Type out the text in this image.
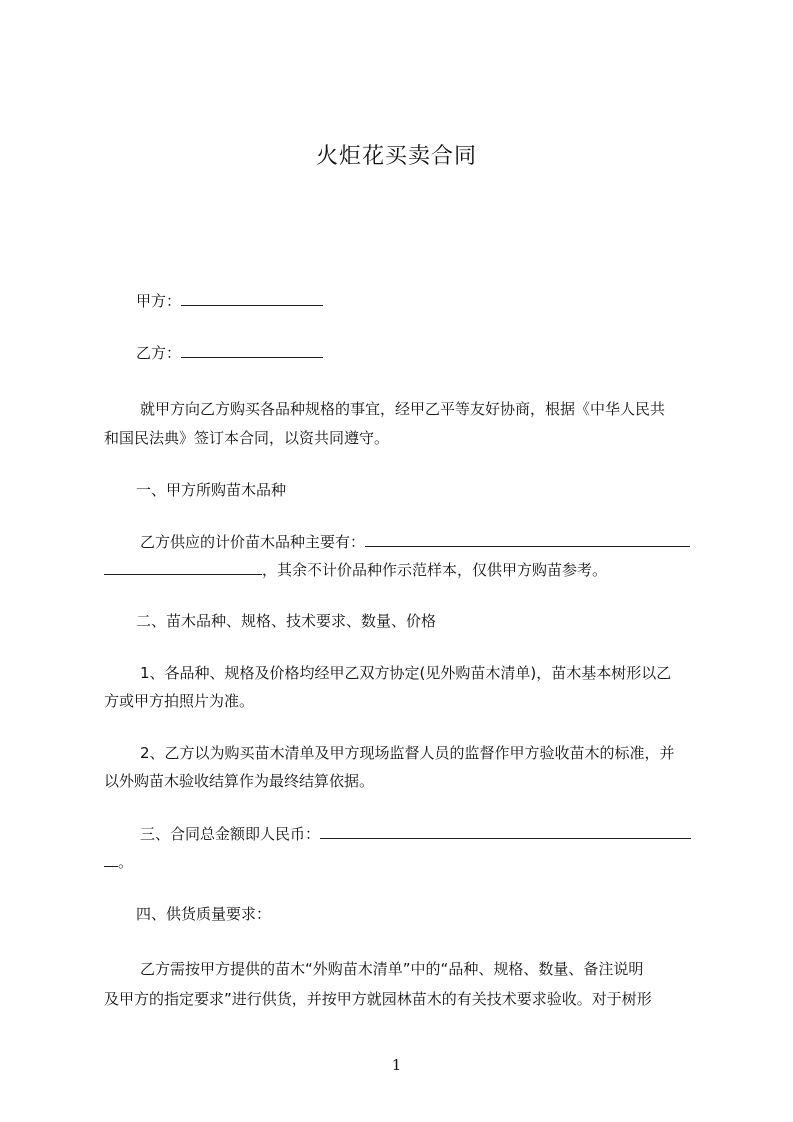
火炬花买卖合同
甲方：
乙方：
就甲方向乙方购买各品种规格的事宜，经甲乙平等友好协商，根据《中华人民共
和国民法典》签订本合同，以资共同遵守。
一、甲方所购苗木品种
乙方供应的计价苗木品种主要有：
，其余不计价品种作示范样本，仅供甲方购苗参考。
二、苗木品种、规格、技术要求、数量、价格
1、各品种、规格及价格均经甲乙双方协定(见外购苗木清单)，苗木基本树形以乙
方或甲方拍照片为准。
2、乙方以为购买苗木清单及甲方现场监督人员的监督作甲方验收苗木的标准，并
以外购苗木验收结算作为最终结算依据。
三、合同总金额即人民币：
。
四、供货质量要求：
乙方需按甲方提供的苗木“外购苗木清单”中的“品种、规格、数量、备注说明
及甲方的指定要求”进行供货，并按甲方就园林苗木的有关技术要求验收。对于树形
1
